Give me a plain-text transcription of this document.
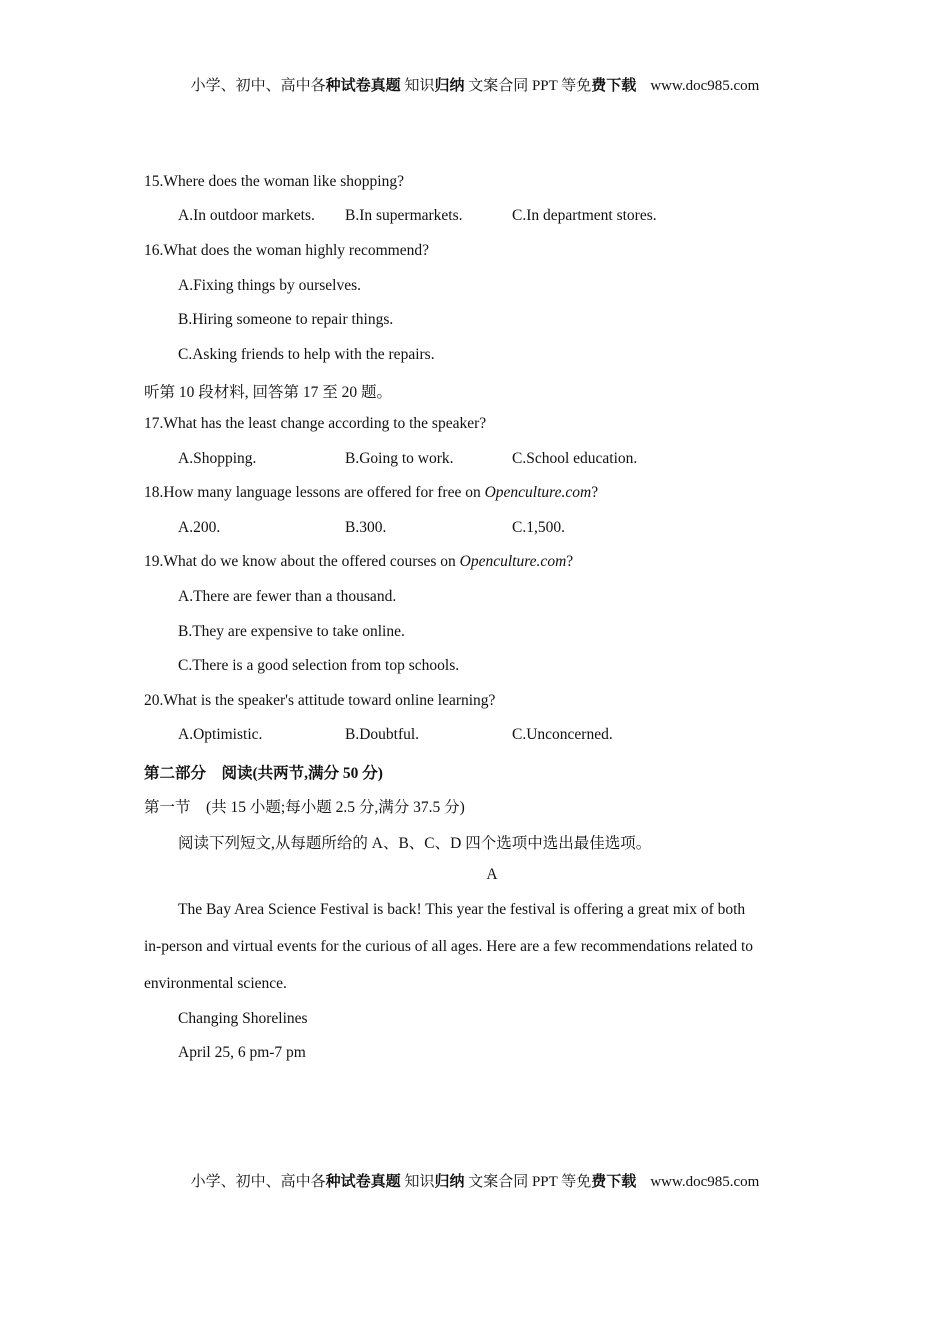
小学、初中、高中各种试卷真题 知识归纳 文案合同 PPT 等免费下载 www.doc985.com
15.Where does the woman like shopping?
A.In outdoor markets. B.In supermarkets.	C.In department stores.
16.What does the woman highly recommend?
A.Fixing things by ourselves.
B.Hiring someone to repair things.
C.Asking friends to help with the repairs.
听第 10 段材料, 回答第 17 至 20 题。
17.What has the least change according to the speaker?
A.Shopping.	B.Going to work.	C.School education.
18.How many language lessons are offered for free on Openculture.com?
A.200.	B.300.	C.1,500.
19.What do we know about the offered courses on Openculture.com?
A.There are fewer than a thousand.
B.They are expensive to take online.
C.There is a good selection from top schools.
20.What is the speaker's attitude toward online learning?
A.Optimistic.	B.Doubtful.	C.Unconcerned.
第二部分　阅读(共两节,满分 50 分)
第一节　(共 15 小题;每小题 2.5 分,满分 37.5 分)
阅读下列短文,从每题所给的 A、B、C、D 四个选项中选出最佳选项。
A
The Bay Area Science Festival is back! This year the festival is offering a great mix of both
in-person and virtual events for the curious of all ages. Here are a few recommendations related to
environmental science.
Changing Shorelines
April 25, 6 pm-7 pm
小学、初中、高中各种试卷真题 知识归纳 文案合同 PPT 等免费下载 www.doc985.com
